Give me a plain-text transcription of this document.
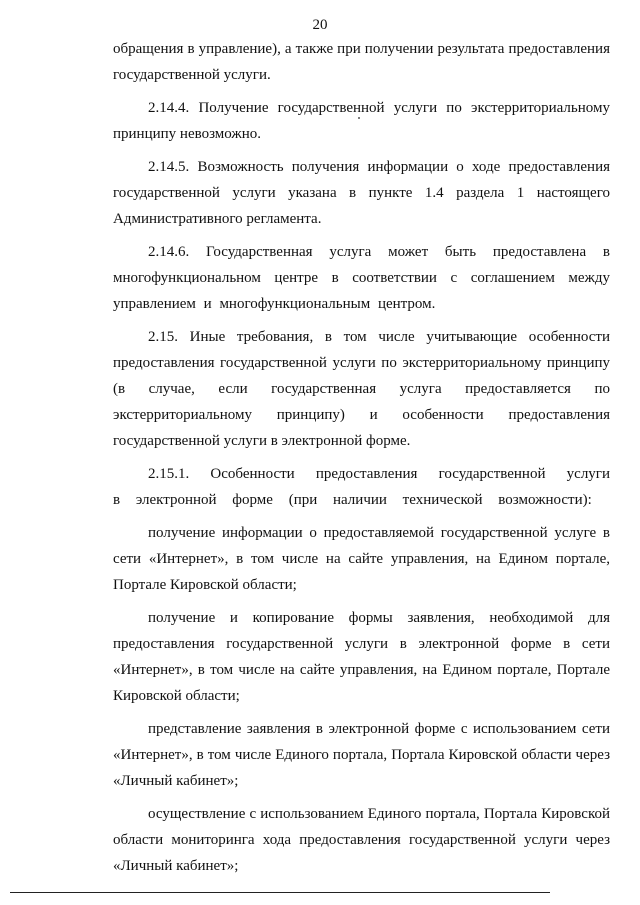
20

обращения в управление), а также при получении результата предоставления государственной услуги.

2.14.4. Получение государственной услуги по экстерриториальному принципу невозможно.

2.14.5. Возможность получения информации о ходе предоставления государственной услуги указана в пункте 1.4 раздела 1 настоящего Административного регламента.

2.14.6. Государственная услуга может быть предоставлена в многофункциональном центре в соответствии с соглашением между управлением и многофункциональным центром.

2.15. Иные требования, в том числе учитывающие особенности предоставления государственной услуги по экстерриториальному принципу (в случае, если государственная услуга предоставляется по экстерриториальному принципу) и особенности предоставления государственной услуги в электронной форме.

2.15.1. Особенности предоставления государственной услуги в электронной форме (при наличии технической возможности):

получение информации о предоставляемой государственной услуге в сети «Интернет», в том числе на сайте управления, на Едином портале, Портале Кировской области;

получение и копирование формы заявления, необходимой для предоставления государственной услуги в электронной форме в сети «Интернет», в том числе на сайте управления, на Едином портале, Портале Кировской области;

представление заявления в электронной форме с использованием сети «Интернет», в том числе Единого портала, Портала Кировской области через «Личный кабинет»;

осуществление с использованием Единого портала, Портала Кировской области мониторинга хода предоставления государственной услуги через «Личный кабинет»;
